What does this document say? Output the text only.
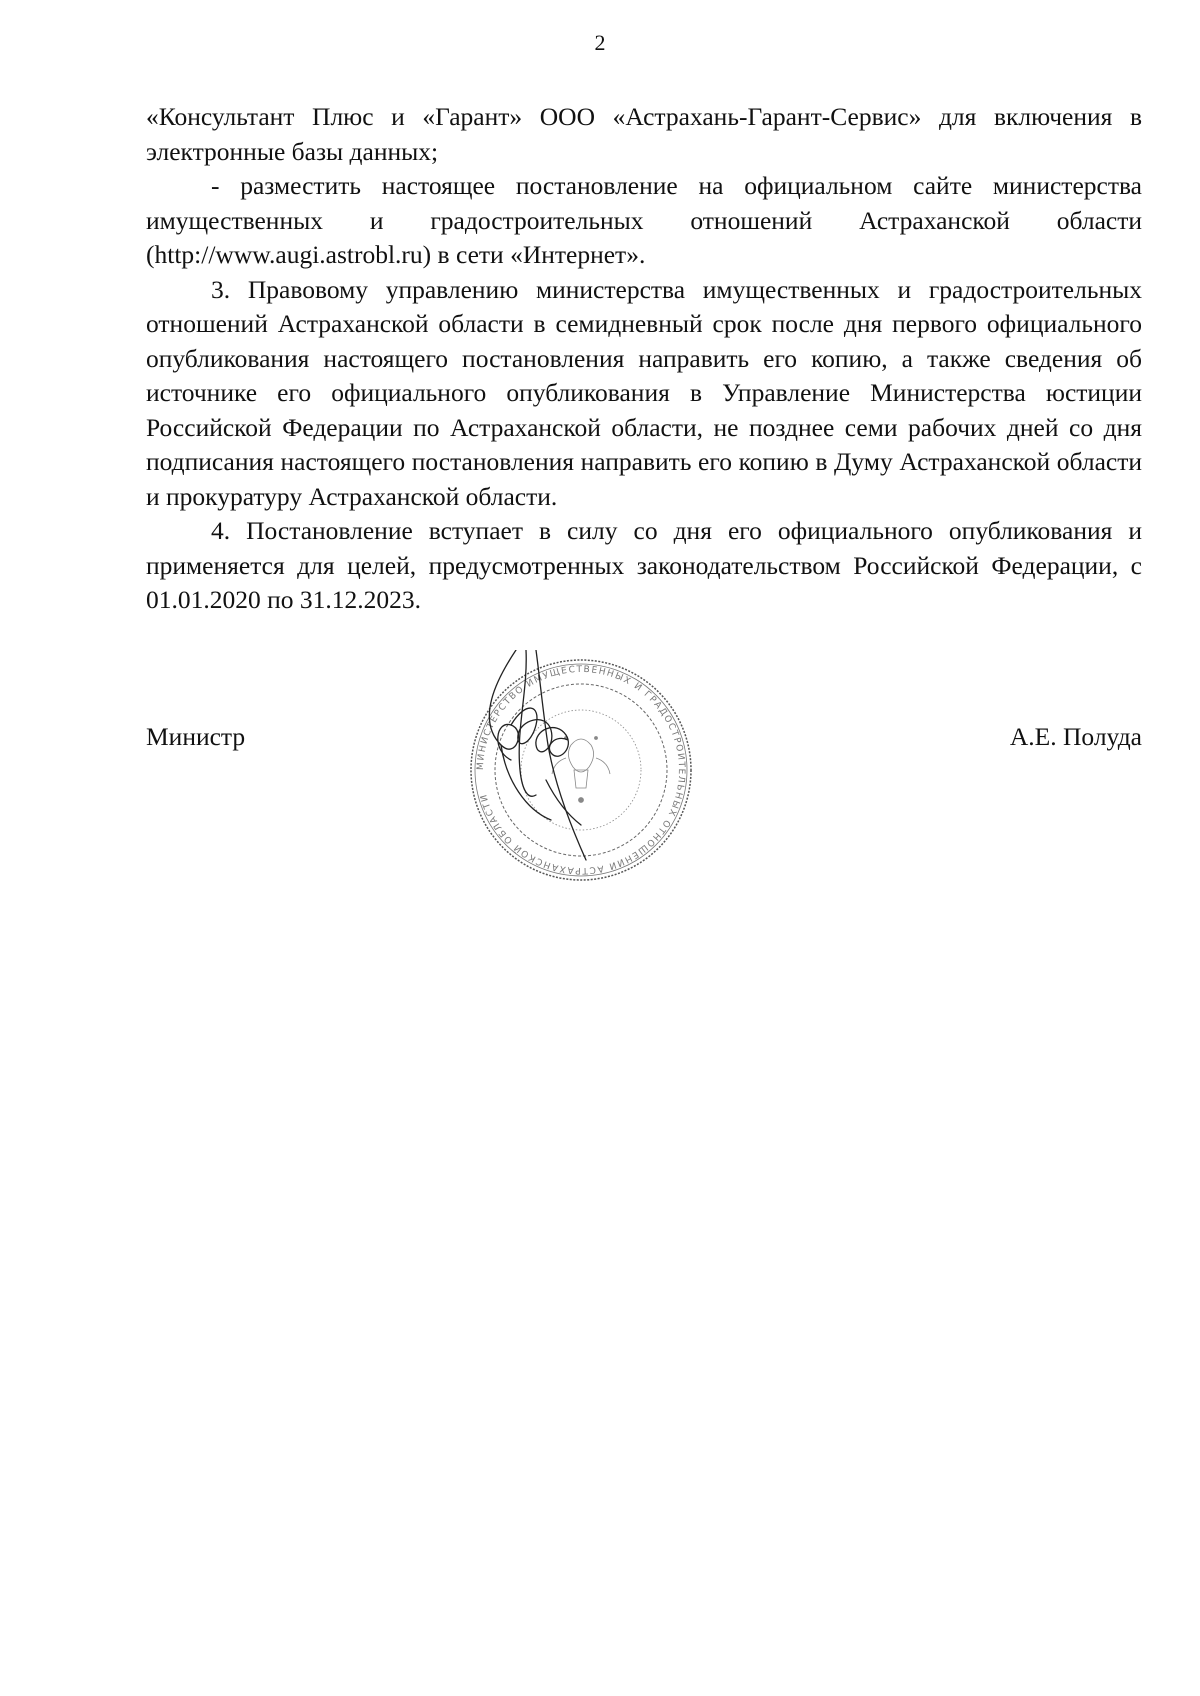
2

«Консультант Плюс и «Гарант» ООО «Астрахань-Гарант-Сервис» для включения в электронные базы данных;

- разместить настоящее постановление на официальном сайте министерства имущественных и градостроительных отношений Астраханской области (http://www.augi.astrobl.ru) в сети «Интернет».

3. Правовому управлению министерства имущественных и градостроительных отношений Астраханской области в семидневный срок после дня первого официального опубликования настоящего постановления направить его копию, а также сведения об источнике его официального опубликования в Управление Министерства юстиции Российской Федерации по Астраханской области, не позднее семи рабочих дней со дня подписания настоящего постановления направить его копию в Думу Астраханской области и прокуратуру Астраханской области.

4. Постановление вступает в силу со дня его официального опубликования и применяется для целей, предусмотренных законодательством Российской Федерации, с 01.01.2020 по 31.12.2023.

Министр
МИНИСТЕРСТВО ИМУЩЕСТВЕННЫХ И ГРАДОСТРОИТЕЛЬНЫХ ОТНОШЕНИЙ АСТРАХАНСКОЙ ОБЛАСТИ
А.Е. Полуда
